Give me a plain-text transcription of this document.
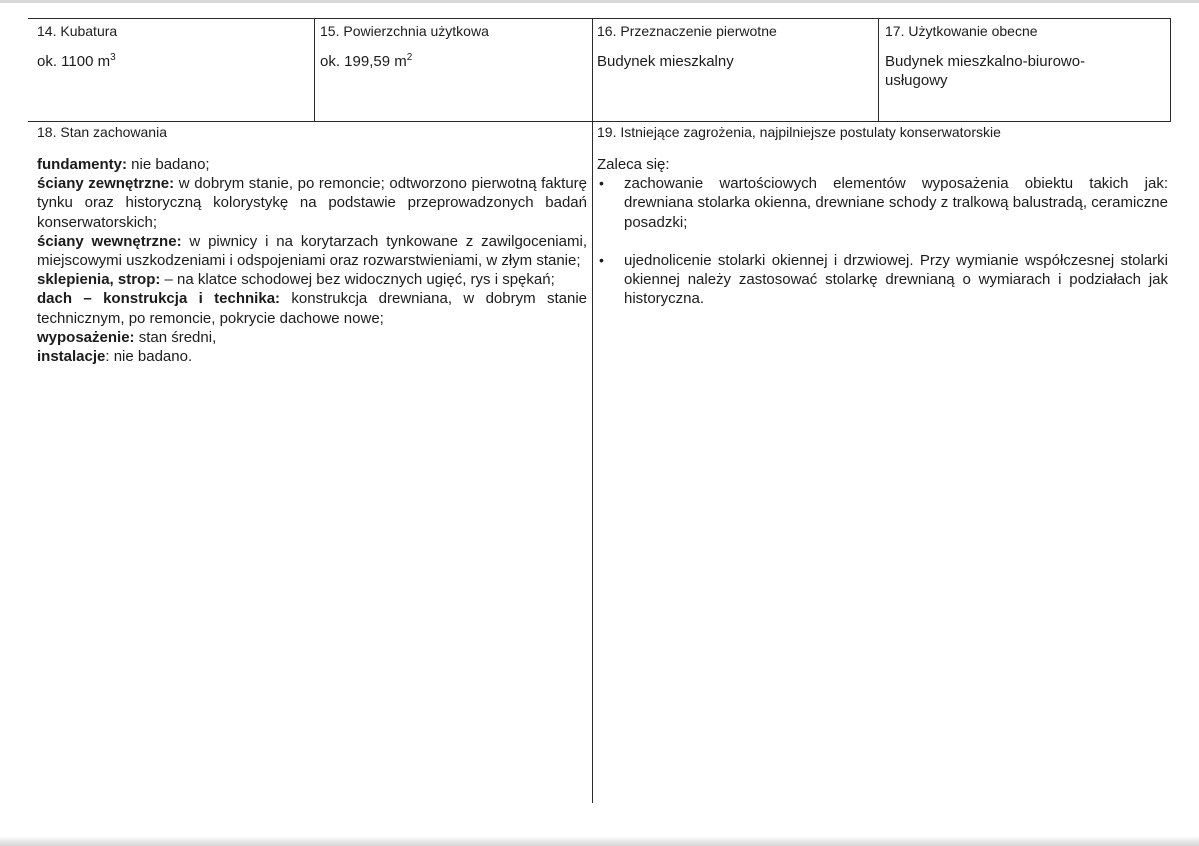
14. Kubatura
ok. 1100 $m^3$
15. Powierzchnia użytkowa
ok. 199,59 $m^2$
16. Przeznaczenie pierwotne
Budynek mieszkalny
17. Użytkowanie obecne
Budynek mieszkalno-biurowo-usługowy
18. Stan zachowania

fundamenty: nie badano;

ściany zewnętrzne: w dobrym stanie, po remoncie; odtworzono pierwotną fakturę tynku oraz historyczną kolorystykę na podstawie przeprowadzonych badań konserwatorskich;

ściany wewnętrzne: w piwnicy i na korytarzach tynkowane z zawilgoceniami, miejscowymi uszkodzeniami i odspojeniami oraz rozwarstwieniami, w złym stanie;

sklepienia, strop: – na klatce schodowej bez widocznych ugięć, rys i spękań;

dach – konstrukcja i technika: konstrukcja drewniana, w dobrym stanie technicznym, po remoncie, pokrycie dachowe nowe;

wyposażenie: stan średni,

instalacje: nie badano.

19. Istniejące zagrożenia, najpilniejsze postulaty konserwatorskie
Zaleca się:
• zachowanie wartościowych elementów wyposażenia obiektu takich jak: drewniana stolarka okienna, drewniane schody z tralkową balustradą, ceramiczne posadzki;
• ujednolicenie stolarki okiennej i drzwiowej. Przy wymianie współczesnej stolarki okiennej należy zastosować stolarkę drewnianą o wymiarach i podziałach jak historyczna.
